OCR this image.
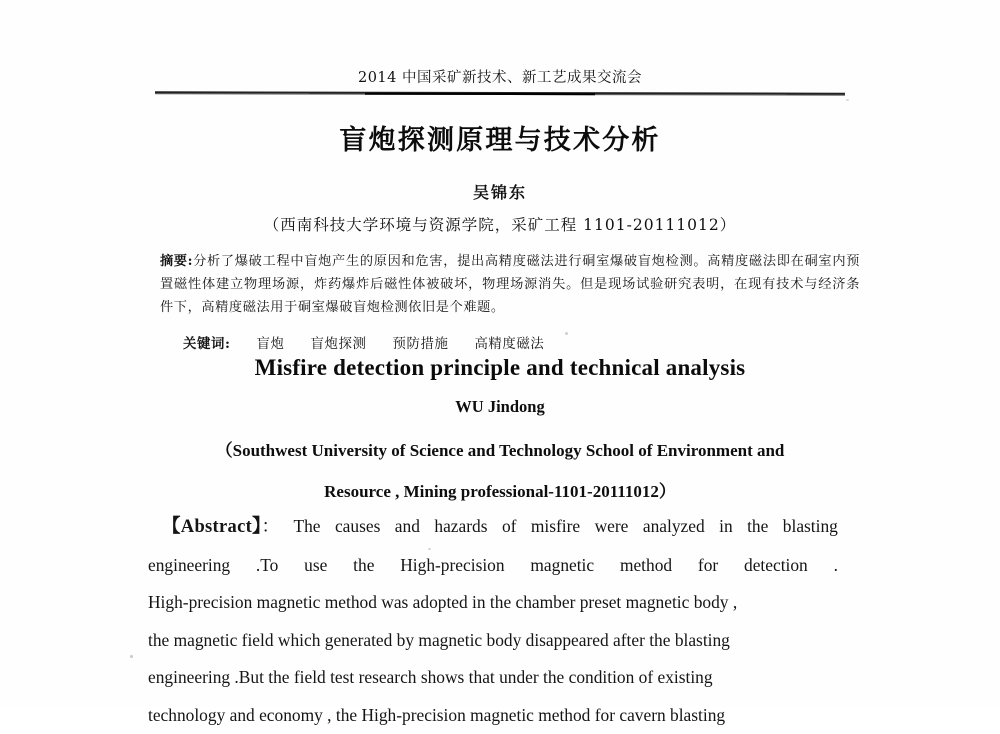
2014 中国采矿新技术、新工艺成果交流会
盲炮探测原理与技术分析
吴锦东
（西南科技大学环境与资源学院，采矿工程 1101-20111012）
摘要:分析了爆破工程中盲炮产生的原因和危害，提出高精度磁法进行硐室爆破盲炮检测。高精度磁法即在硐室内预置磁性体建立物理场源，炸药爆炸后磁性体被破坏，物理场源消失。但是现场试验研究表明，在现有技术与经济条件下，高精度磁法用于硐室爆破盲炮检测依旧是个难题。
关键词: 盲炮 盲炮探测 预防措施 高精度磁法
Misfire detection principle and technical analysis
WU Jindong
（Southwest University of Science and Technology School of Environment and
Resource , Mining professional-1101-20111012）
【Abstract】： The causes and hazards of misfire were analyzed in the blasting
engineering .To use the High-precision magnetic method for detection .
High-precision magnetic method was adopted in the chamber preset magnetic body ,
the magnetic field which generated by magnetic body disappeared after the blasting
engineering .But the field test research shows that under the condition of existing
technology and economy , the High-precision magnetic method for cavern blasting
